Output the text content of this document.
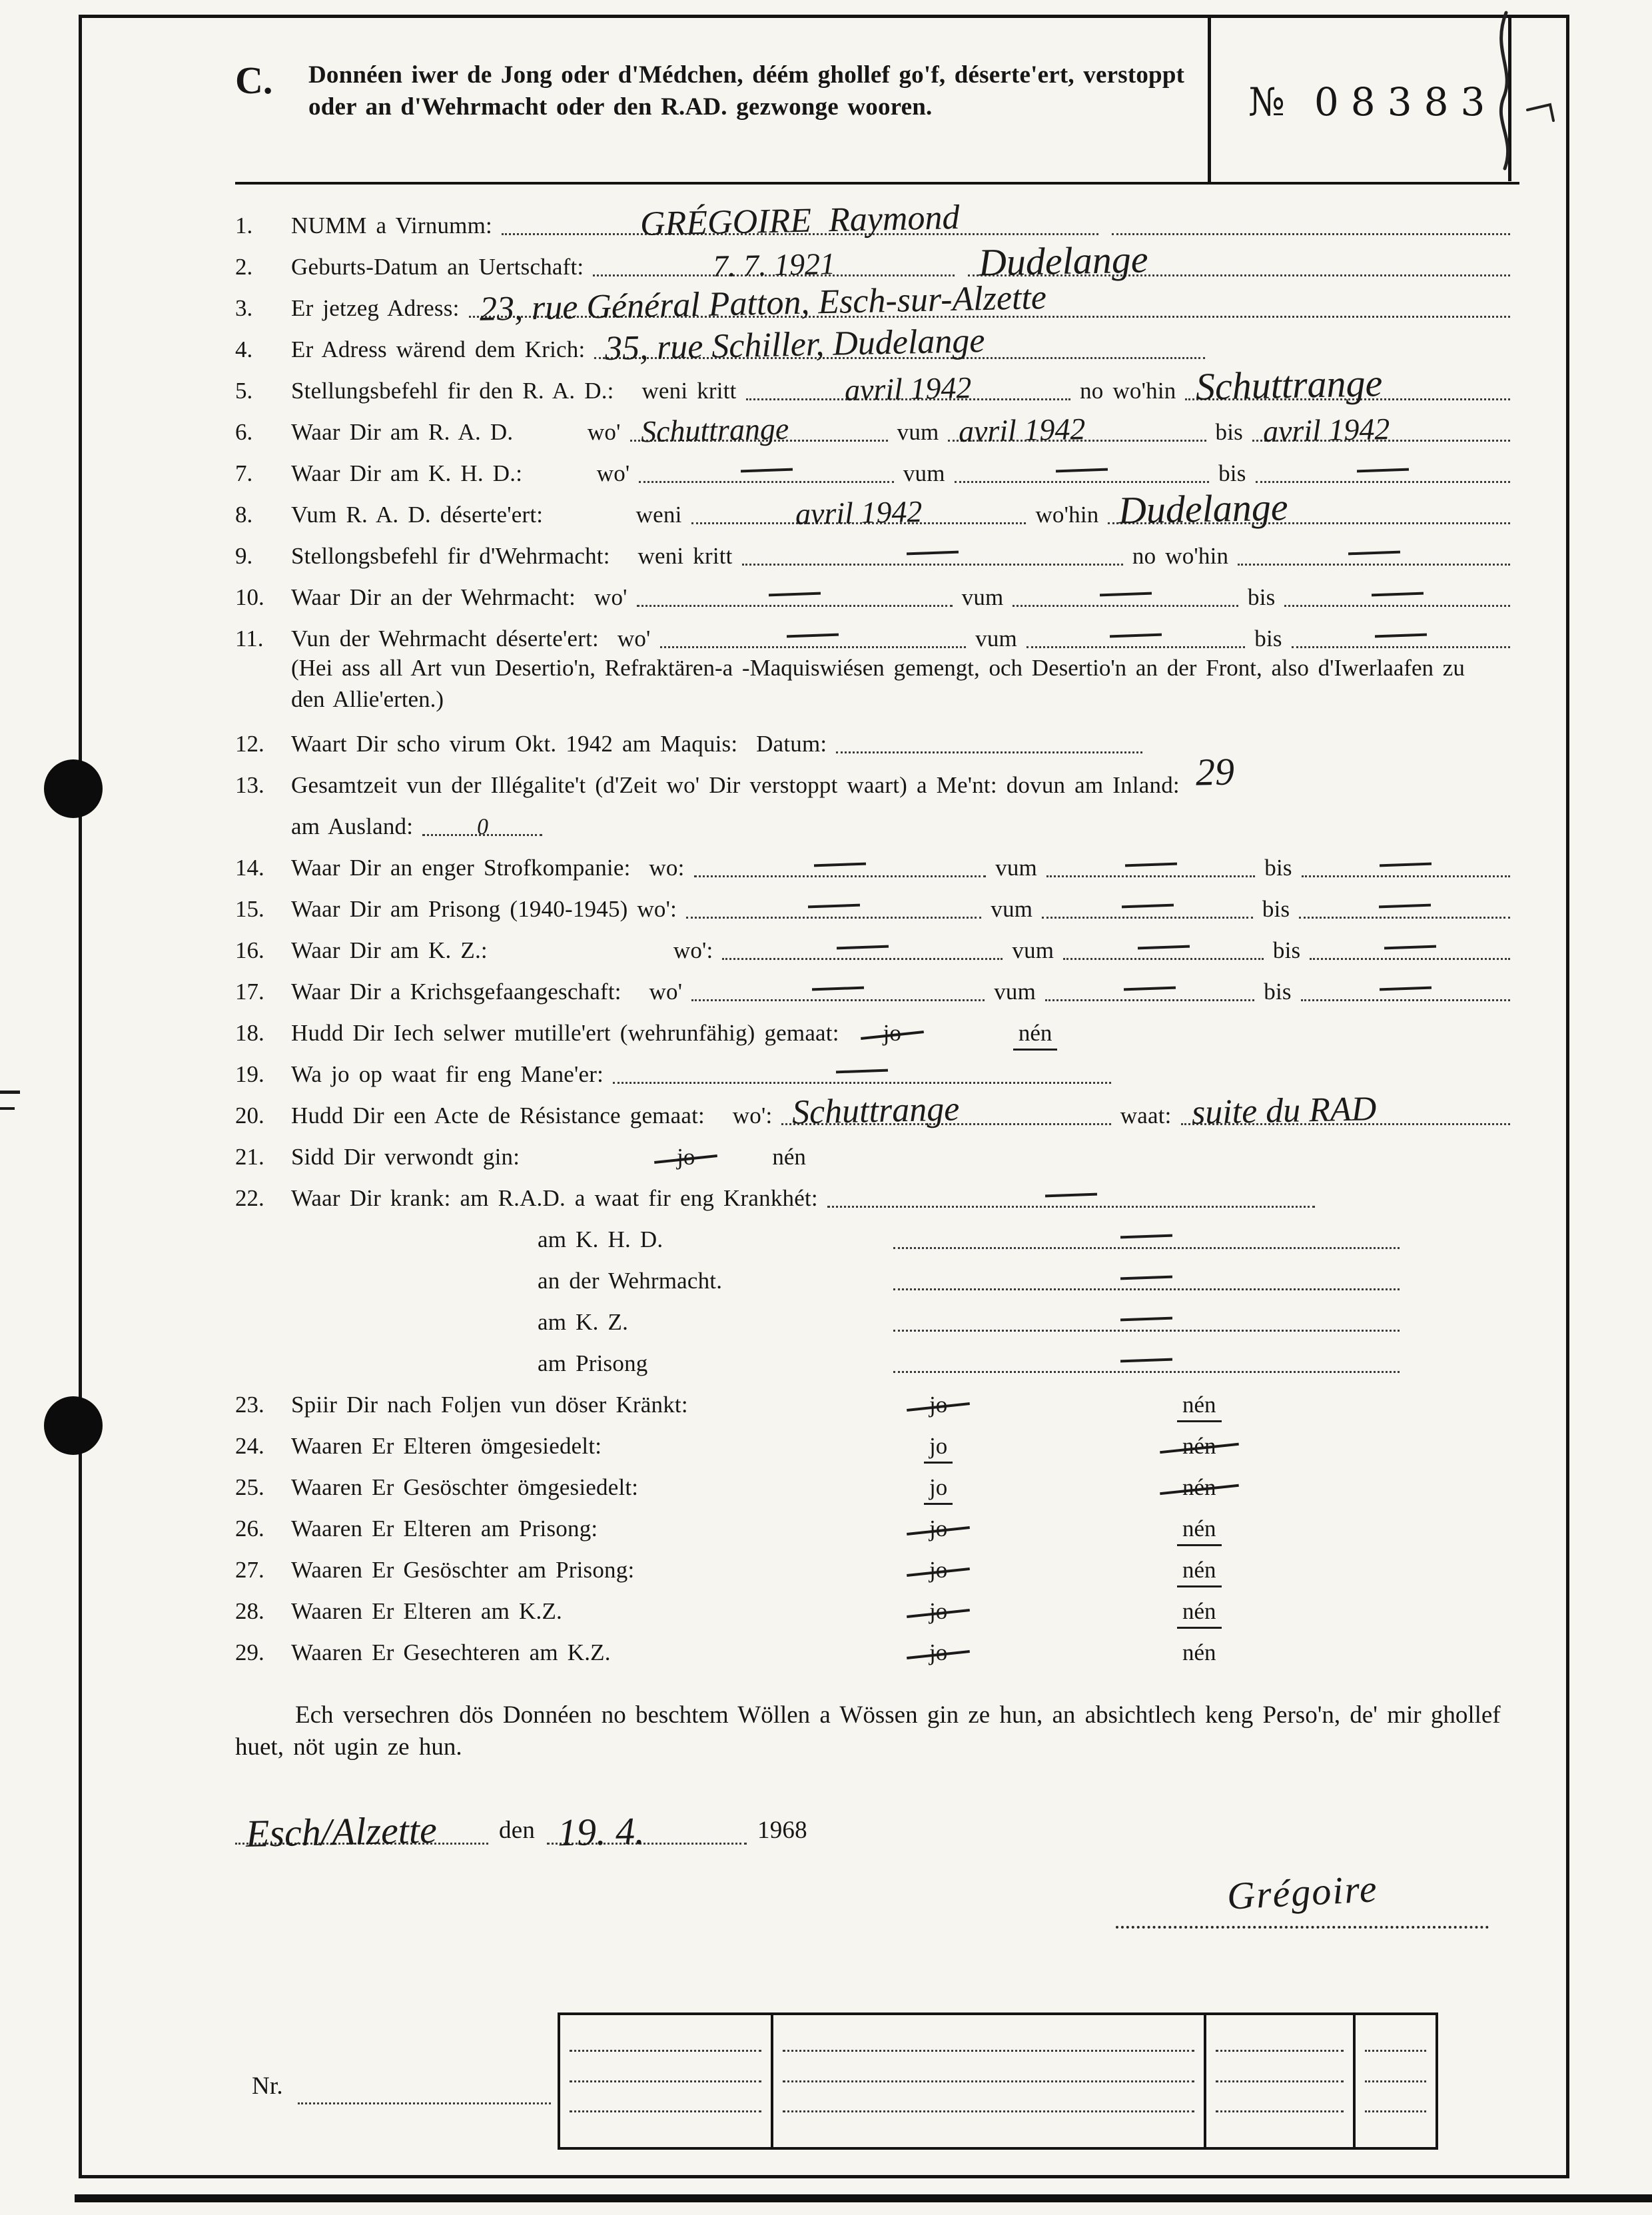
C.	Donnéen iwer de Jong oder d'Médchen, déém ghollef go'f, déserte'ert, verstoppt oder an d'Wehrmacht oder den R.AD. gezwonge wooren.	№ 08383
1.	NUMM a Virnumm:	GRÉGOIRE  Raymond
2.	Geburts-Datum an Uertschaft:	7. 7. 1921	Dudelange
3.	Er jetzeg Adress: 23, rue Général Patton, Esch-sur-Alzette
4.	Er Adress wärend dem Krich: 35, rue Schiller, Dudelange
5.	Stellungsbefehl fir den R. A. D.:   weni kritt	avril 1942	no wo'hin Schuttrange
6.	Waar Dir am R. A. D.        wo' Schuttrange	vum avril 1942	bis avril 1942
7.	Waar Dir am K. H. D.:        wo'	vum	bis
8.	Vum R. A. D. déserte'ert:          weni	avril 1942	wo'hin Dudelange
9.	Stellongsbefehl fir d'Wehrmacht:   weni kritt	no wo'hin
10.	Waar Dir an der Wehrmacht:  wo'	vum	bis
11.	Vun der Wehrmacht déserte'ert:  wo'	vum	bis
(Hei ass all Art vun Desertio'n, Refraktären-a -Maquiswiésen gemengt, och Desertio'n an der Front, also d'Iwerlaafen zu den Allie'erten.)
12.	Waart Dir scho virum Okt. 1942 am Maquis:  Datum:
13.	Gesamtzeit vun der Illégalite't (d'Zeit wo' Dir verstoppt waart) a Me'nt: dovun am Inland: 29
am Ausland:	0
14.	Waar Dir an enger Strofkompanie:  wo:	vum	bis
15.	Waar Dir am Prisong (1940-1945) wo':	vum	bis
16.	Waar Dir am K. Z.:                    wo':	vum	bis
17.	Waar Dir a Krichsgefaangeschaft:   wo'	vum	bis
18.	Hudd Dir Iech selwer mutille'ert (wehrunfähig) gemaat: jo	nén
19.	Wa jo op waat fir eng Mane'er:
20.	Hudd Dir een Acte de Résistance gemaat:   wo': Schuttrange	waat: suite du RAD
21.	Sidd Dir verwondt gin:	jo	nén
22.	Waar Dir krank: am R.A.D. a waat fir eng Krankhét:
am K. H. D.
an der Wehrmacht.
am K. Z.
am Prisong
23.	Spiir Dir nach Foljen vun döser Kränkt:	jo	nén
24.	Waaren Er Elteren ömgesiedelt:	jo	nén
25.	Waaren Er Gesöschter ömgesiedelt:	jo	nén
26.	Waaren Er Elteren am Prisong:	jo	nén
27.	Waaren Er Gesöschter am Prisong:	jo	nén
28.	Waaren Er Elteren am K.Z.	jo	nén
29.	Waaren Er Gesechteren am K.Z.	jo	nén

Ech versechren dös Donnéen no beschtem Wöllen a Wössen gin ze hun, an absichtlech keng Perso'n, de' mir ghollef huet, nöt ugin ze hun.

Esch/Alzette	den 19. 4.	1968
Grégoire
Nr.
